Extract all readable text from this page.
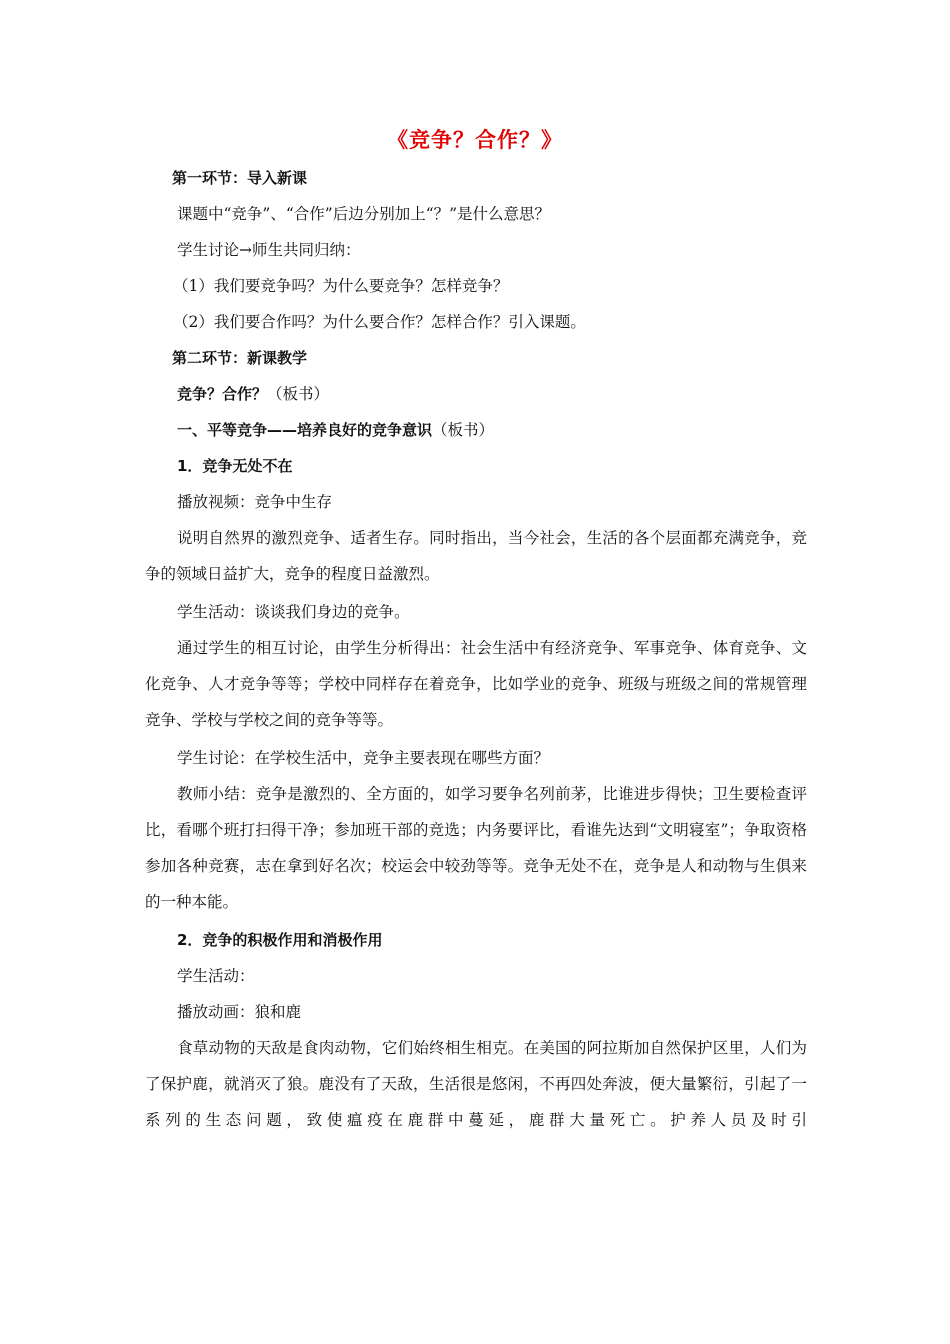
《竞争？合作？》

第一环节：导入新课

课题中“竞争”、“合作”后边分别加上“？”是什么意思？

学生讨论→师生共同归纳：

（1）我们要竞争吗？为什么要竞争？怎样竞争？

（2）我们要合作吗？为什么要合作？怎样合作？引入课题。

第二环节：新课教学

竞争？合作？（板书）

一、平等竞争——培养良好的竞争意识（板书）

1．竞争无处不在

播放视频：竞争中生存

说明自然界的激烈竞争、适者生存。同时指出，当今社会，生活的各个层面都充满竞争，竞争的领域日益扩大，竞争的程度日益激烈。

学生活动：谈谈我们身边的竞争。

通过学生的相互讨论，由学生分析得出：社会生活中有经济竞争、军事竞争、体育竞争、文化竞争、人才竞争等等；学校中同样存在着竞争，比如学业的竞争、班级与班级之间的常规管理竞争、学校与学校之间的竞争等等。

学生讨论：在学校生活中，竞争主要表现在哪些方面？

教师小结：竞争是激烈的、全方面的，如学习要争名列前茅，比谁进步得快；卫生要检查评比，看哪个班打扫得干净；参加班干部的竞选；内务要评比，看谁先达到“文明寝室”；争取资格参加各种竞赛，志在拿到好名次；校运会中较劲等等。竞争无处不在，竞争是人和动物与生俱来的一种本能。

2．竞争的积极作用和消极作用

学生活动：

播放动画：狼和鹿

食草动物的天敌是食肉动物，它们始终相生相克。在美国的阿拉斯加自然保护区里，人们为了保护鹿，就消灭了狼。鹿没有了天敌，生活很是悠闲，不再四处奔波，便大量繁衍，引起了一系列的生态问题，致使瘟疫在鹿群中蔓延，鹿群大量死亡。护养人员及时引
